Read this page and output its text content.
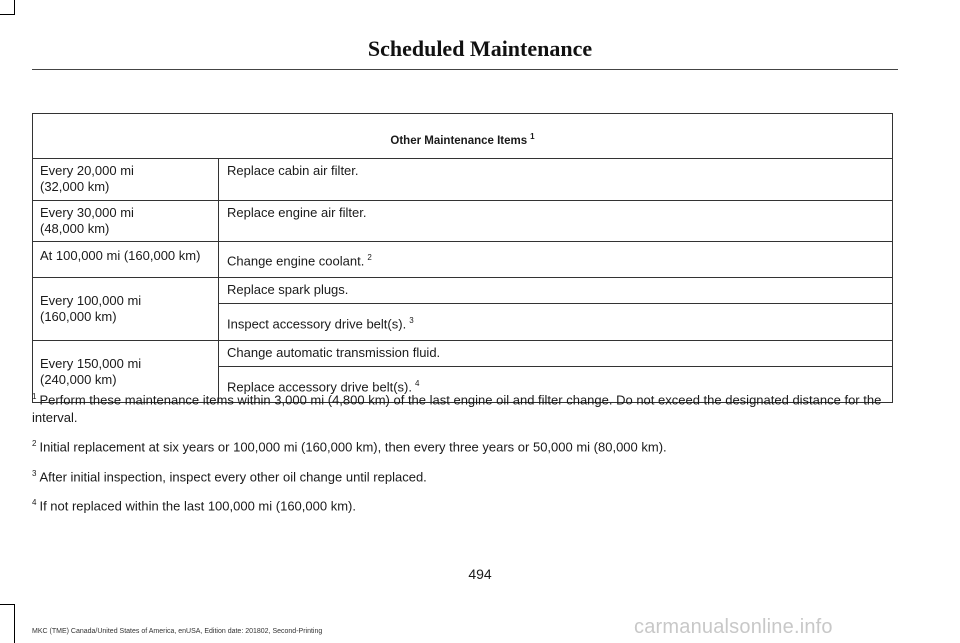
Scheduled Maintenance
Other Maintenance Items $^1$

Every 20,000 mi
(32,000 km)	Replace cabin air filter.

Every 30,000 mi
(48,000 km)	Replace engine air filter.

At 100,000 mi (160,000 km)	Change engine coolant. $^2$

Every 100,000 mi
(160,000 km)	Replace spark plugs.
	Inspect accessory drive belt(s). $^3$

Every 150,000 mi
(240,000 km)	Change automatic transmission fluid.
	Replace accessory drive belt(s). $^4$

$^1$ Perform these maintenance items within 3,000 mi (4,800 km) of the last engine oil and filter change. Do not exceed the designated distance for the interval.

$^2$ Initial replacement at six years or 100,000 mi (160,000 km), then every three years or 50,000 mi (80,000 km).

$^3$ After initial inspection, inspect every other oil change until replaced.

$^4$ If not replaced within the last 100,000 mi (160,000 km).

494
MKC (TME) Canada/United States of America, enUSA, Edition date: 201802, Second-Printing	carmanualsonline.info
